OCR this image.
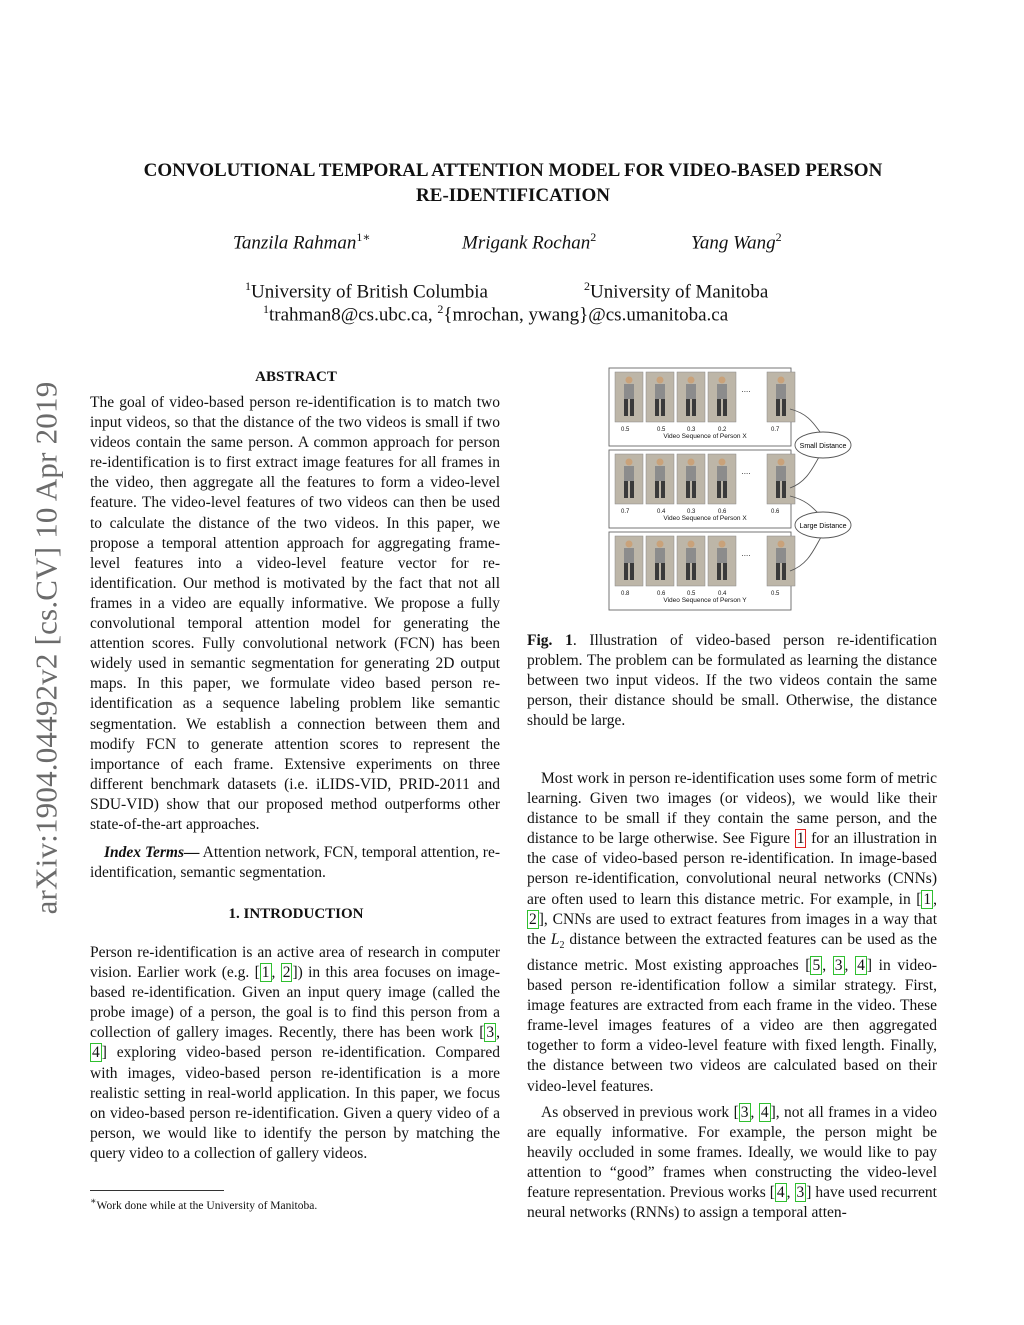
arXiv:1904.04492v2 [cs.CV] 10 Apr 2019
CONVOLUTIONAL TEMPORAL ATTENTION MODEL FOR VIDEO-BASED PERSON
RE-IDENTIFICATION
Tanzila Rahman$^{1∗}$	Mrigank Rochan$^2$	Yang Wang$^2$
$^1$University of British Columbia	$^2$University of Manitoba
$^1$trahman8@cs.ubc.ca, $^2${mrochan, ywang}@cs.umanitoba.ca
ABSTRACT

The goal of video-based person re-identification is to match two input videos, so that the distance of the two videos is small if two videos contain the same person. A common approach for person re-identification is to first extract image features for all frames in the video, then aggregate all the features to form a video-level feature. The video-level features of two videos can then be used to calculate the distance of the two videos. In this paper, we propose a temporal attention approach for aggregating frame-level features into a video-level feature vector for re-identification. Our method is motivated by the fact that not all frames in a video are equally informative. We propose a fully convolutional temporal attention model for generating the attention scores. Fully convolutional network (FCN) has been widely used in semantic segmentation for generating 2D output maps. In this paper, we formulate video based person re-identification as a sequence labeling problem like semantic segmentation. We establish a connection between them and modify FCN to generate attention scores to represent the importance of each frame. Extensive experiments on three different benchmark datasets (i.e. iLIDS-VID, PRID-2011 and SDU-VID) show that our proposed method outperforms other state-of-the-art approaches.

Index Terms— Attention network, FCN, temporal attention, re-identification, semantic segmentation.

1. INTRODUCTION

Person re-identification is an active area of research in computer vision. Earlier work (e.g. [ 1 , 2 ]) in this area focuses on image-based re-identification. Given an input query image (called the probe image) of a person, the goal is to find this person from a collection of gallery images. Recently, there has been work [ 3 , 4 ] exploring video-based person re-identification. Compared with images, video-based person re-identification is a more realistic setting in real-world application. In this paper, we focus on video-based person re-identification. Given a query video of a person, we would like to identify the person by matching the query video to a collection of gallery videos.

∗Work done while at the University of Manitoba.
0.5	0.5	0.3	0.2	0.7
....
Video Sequence of Person X
0.7	0.4	0.3	0.6	0.6
....
Video Sequence of Person X
0.8	0.6	0.5	0.4	0.5
....
Video Sequence of Person Y
Small Distance
Large Distance
Fig. 1. Illustration of video-based person re-identification problem. The problem can be formulated as learning the distance between two input videos. If the two videos contain the same person, their distance should be small. Otherwise, the distance should be large.

Most work in person re-identification uses some form of metric learning. Given two images (or videos), we would like their distance to be small if they contain the same person, and the distance to be large otherwise. See Figure 1 for an illustration in the case of video-based person re-identification. In image-based person re-identification, convolutional neural networks (CNNs) are often used to learn this distance metric. For example, in [ 1 , 2 ], CNNs are used to extract features from images in a way that the $L_2$ distance between the extracted features can be used as the distance metric. Most existing approaches [ 5 , 3 , 4 ] in video-based person re-identification follow a similar strategy. First, image features are extracted from each frame in the video. These frame-level images features of a video are then aggregated together to form a video-level feature with fixed length. Finally, the distance between two videos are calculated based on their video-level features.

As observed in previous work [ 3 , 4 ], not all frames in a video are equally informative. For example, the person might be heavily occluded in some frames. Ideally, we would like to pay attention to “good” frames when constructing the video-level feature representation. Previous works [ 4 , 3 ] have used recurrent neural networks (RNNs) to assign a temporal atten-
